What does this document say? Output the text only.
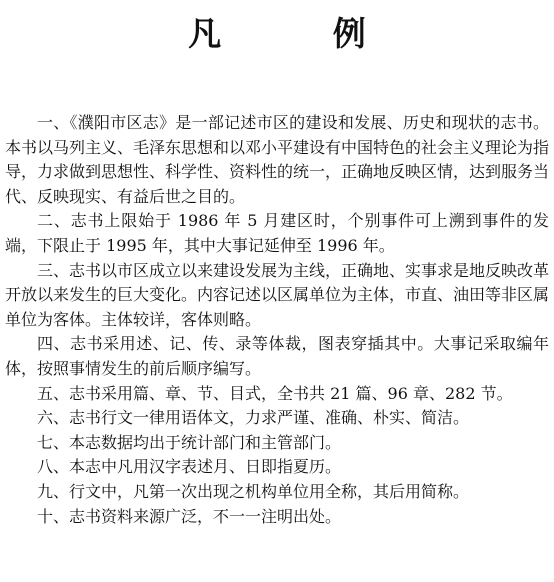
凡 例

一、《濮阳市区志》是一部记述市区的建设和发展、历史和现状的志书。本书以马列主义、毛泽东思想和以邓小平建设有中国特色的社会主义理论为指导，力求做到思想性、科学性、资料性的统一，正确地反映区情，达到服务当代、反映现实、有益后世之目的。

二、志书上限始于 1986 年 5 月建区时，个别事件可上溯到事件的发端，下限止于 1995 年，其中大事记延伸至 1996 年。

三、志书以市区成立以来建设发展为主线，正确地、实事求是地反映改革开放以来发生的巨大变化。内容记述以区属单位为主体，市直、油田等非区属单位为客体。主体较详，客体则略。

四、志书采用述、记、传、录等体裁，图表穿插其中。大事记采取编年体，按照事情发生的前后顺序编写。

五、志书采用篇、章、节、目式，全书共 21 篇、96 章、282 节。

六、志书行文一律用语体文，力求严谨、准确、朴实、简洁。

七、本志数据均出于统计部门和主管部门。

八、本志中凡用汉字表述月、日即指夏历。

九、行文中，凡第一次出现之机构单位用全称，其后用简称。

十、志书资料来源广泛，不一一注明出处。
